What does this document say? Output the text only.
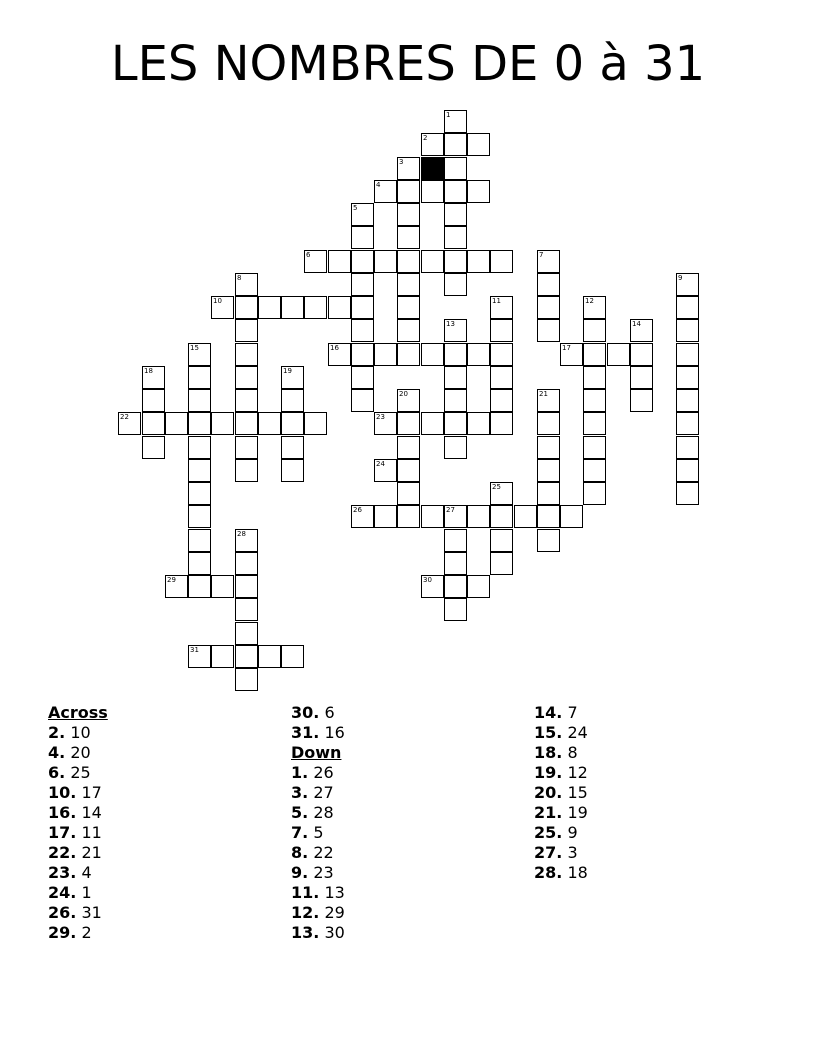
LES NOMBRES DE 0 à 31
1
2
3
4
5
6	7
8	9
10	11	12
13	14
15	16	17
18	19
20	21
22	23
24
25
26	27
28
29	30
31
Across
2. 10
4. 20
6. 25
10. 17
16. 14
17. 11
22. 21
23. 4
24. 1
26. 31
29. 2
30. 6
31. 16
Down
1. 26
3. 27
5. 28
7. 5
8. 22
9. 23
11. 13
12. 29
13. 30
14. 7
15. 24
18. 8
19. 12
20. 15
21. 19
25. 9
27. 3
28. 18
